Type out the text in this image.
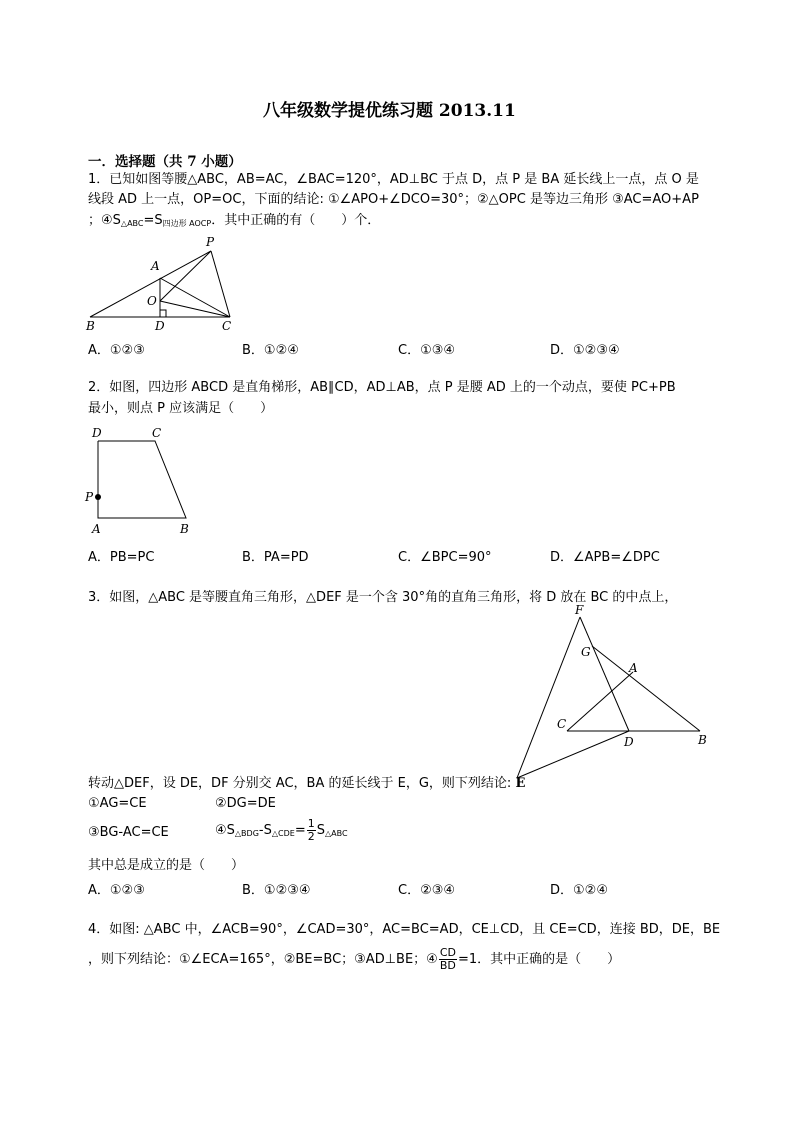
八年级数学提优练习题 2013.11
一．选择题（共 7 小题）
1．已知如图等腰△ABC，AB=AC，∠BAC=120°，AD⊥BC 于点 D，点 P 是 BA 延长线上一点，点 O 是
线段 AD 上一点，OP=OC，下面的结论: ①∠APO+∠DCO=30°；②△OPC 是等边三角形 ③AC=AO+AP
；$④S_{\triangle ABC}=S_{四边形 AOCP}$．其中正确的有（　　）个．
P
A
O
B	D	C
A．①②③	B．①②④	C．①③④	D．①②③④
2．如图，四边形 ABCD 是直角梯形，AB∥CD，AD⊥AB，点 P 是腰 AD 上的一个动点，要使 PC+PB
最小，则点 P 应该满足（　　）
D	C
P
A	B
A．PB=PC	B．PA=PD	C．∠BPC=90°	D．∠APB=∠DPC
3．如图，△ABC 是等腰直角三角形，△DEF 是一个含 30°角的直角三角形，将 D 放在 BC 的中点上，
F
G
A
C
D	B
转动△DEF，设 DE，DF 分别交 AC，BA 的延长线于 E，G，则下列结论: E
①AG=CE	②DG=DE
③BG-AC=CE	$④S_{\triangle BDG}-S_{\triangle CDE}= \frac{1}{2} S_{\triangle ABC}$
其中总是成立的是（　　）
A．①②③	B．①②③④	C．②③④	D．①②④
4．如图: △ABC 中，∠ACB=90°，∠CAD=30°，AC=BC=AD，CE⊥CD，且 CE=CD，连接 BD，DE，BE
，则下列结论：①∠ECA=165°，②BE=BC；③AD⊥BE；④ $\frac{CD}{BD} =1$．其中正确的是（　　）
